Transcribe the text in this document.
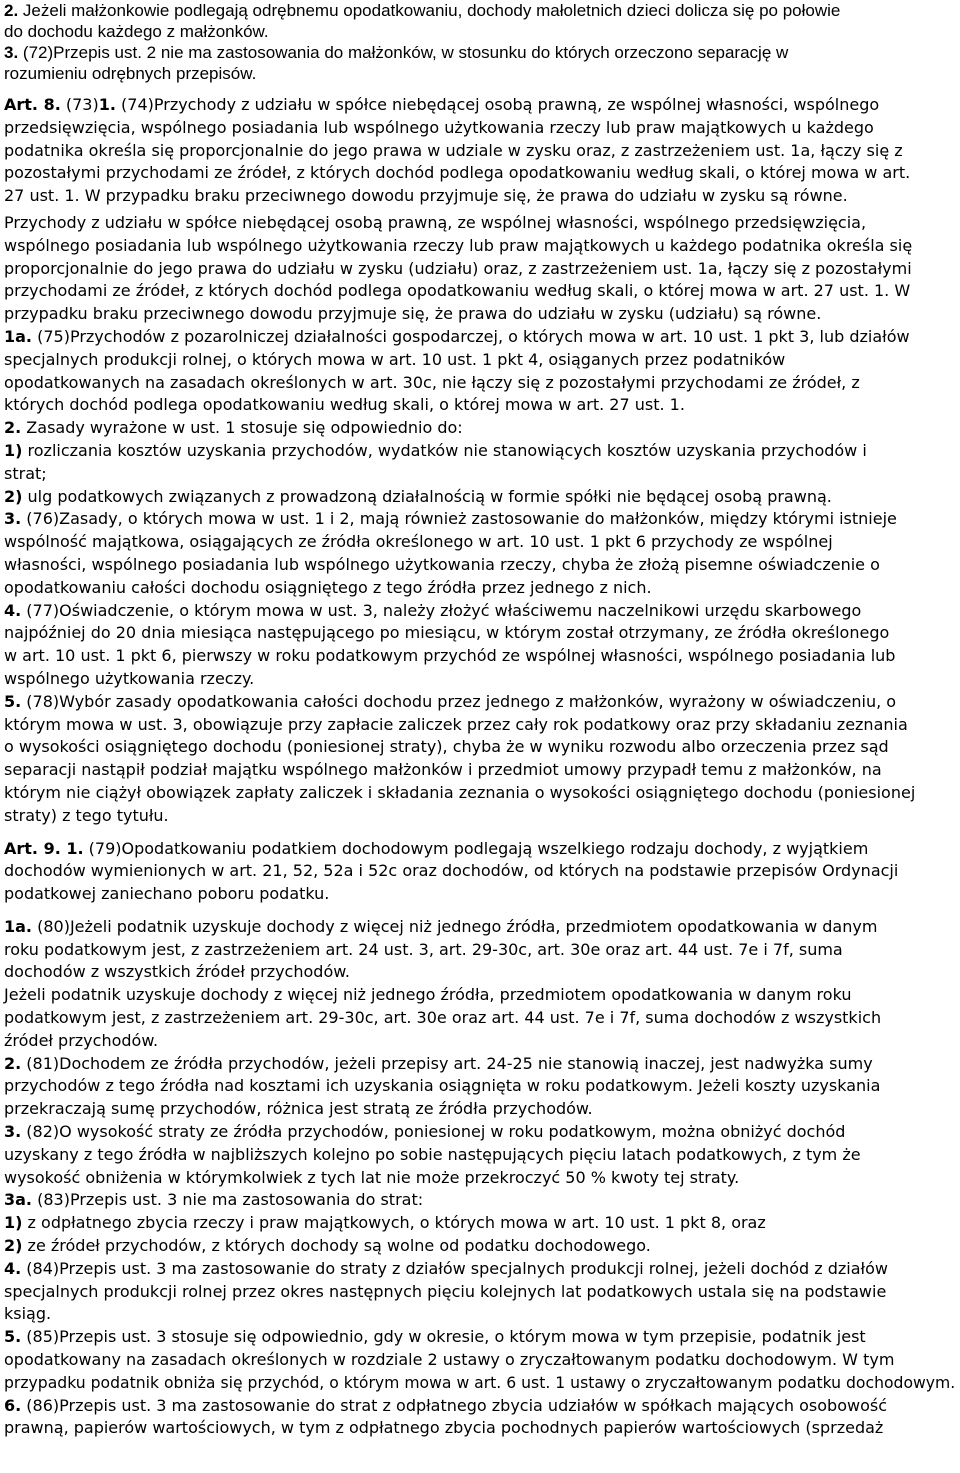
2. Jeżeli małżonkowie podlegają odrębnemu opodatkowaniu, dochody małoletnich dzieci dolicza się po połowie
do dochodu każdego z małżonków.
3. (72)Przepis ust. 2 nie ma zastosowania do małżonków, w stosunku do których orzeczono separację w
rozumieniu odrębnych przepisów.
Art. 8. (73)1. (74)Przychody z udziału w spółce niebędącej osobą prawną, ze wspólnej własności, wspólnego
przedsięwzięcia, wspólnego posiadania lub wspólnego użytkowania rzeczy lub praw majątkowych u każdego
podatnika określa się proporcjonalnie do jego prawa w udziale w zysku oraz, z zastrzeżeniem ust. 1a, łączy się z
pozostałymi przychodami ze źródeł, z których dochód podlega opodatkowaniu według skali, o której mowa w art.
27 ust. 1. W przypadku braku przeciwnego dowodu przyjmuje się, że prawa do udziału w zysku są równe.
Przychody z udziału w spółce niebędącej osobą prawną, ze wspólnej własności, wspólnego przedsięwzięcia,
wspólnego posiadania lub wspólnego użytkowania rzeczy lub praw majątkowych u każdego podatnika określa się
proporcjonalnie do jego prawa do udziału w zysku (udziału) oraz, z zastrzeżeniem ust. 1a, łączy się z pozostałymi
przychodami ze źródeł, z których dochód podlega opodatkowaniu według skali, o której mowa w art. 27 ust. 1. W
przypadku braku przeciwnego dowodu przyjmuje się, że prawa do udziału w zysku (udziału) są równe.
1a. (75)Przychodów z pozarolniczej działalności gospodarczej, o których mowa w art. 10 ust. 1 pkt 3, lub działów
specjalnych produkcji rolnej, o których mowa w art. 10 ust. 1 pkt 4, osiąganych przez podatników
opodatkowanych na zasadach określonych w art. 30c, nie łączy się z pozostałymi przychodami ze źródeł, z
których dochód podlega opodatkowaniu według skali, o której mowa w art. 27 ust. 1.
2. Zasady wyrażone w ust. 1 stosuje się odpowiednio do:
1) rozliczania kosztów uzyskania przychodów, wydatków nie stanowiących kosztów uzyskania przychodów i
strat;
2) ulg podatkowych związanych z prowadzoną działalnością w formie spółki nie będącej osobą prawną.
3. (76)Zasady, o których mowa w ust. 1 i 2, mają również zastosowanie do małżonków, między którymi istnieje
wspólność majątkowa, osiągających ze źródła określonego w art. 10 ust. 1 pkt 6 przychody ze wspólnej
własności, wspólnego posiadania lub wspólnego użytkowania rzeczy, chyba że złożą pisemne oświadczenie o
opodatkowaniu całości dochodu osiągniętego z tego źródła przez jednego z nich.
4. (77)Oświadczenie, o którym mowa w ust. 3, należy złożyć właściwemu naczelnikowi urzędu skarbowego
najpóźniej do 20 dnia miesiąca następującego po miesiącu, w którym został otrzymany, ze źródła określonego
w art. 10 ust. 1 pkt 6, pierwszy w roku podatkowym przychód ze wspólnej własności, wspólnego posiadania lub
wspólnego użytkowania rzeczy.
5. (78)Wybór zasady opodatkowania całości dochodu przez jednego z małżonków, wyrażony w oświadczeniu, o
którym mowa w ust. 3, obowiązuje przy zapłacie zaliczek przez cały rok podatkowy oraz przy składaniu zeznania
o wysokości osiągniętego dochodu (poniesionej straty), chyba że w wyniku rozwodu albo orzeczenia przez sąd
separacji nastąpił podział majątku wspólnego małżonków i przedmiot umowy przypadł temu z małżonków, na
którym nie ciążył obowiązek zapłaty zaliczek i składania zeznania o wysokości osiągniętego dochodu (poniesionej
straty) z tego tytułu.
Art. 9. 1. (79)Opodatkowaniu podatkiem dochodowym podlegają wszelkiego rodzaju dochody, z wyjątkiem
dochodów wymienionych w art. 21, 52, 52a i 52c oraz dochodów, od których na podstawie przepisów Ordynacji
podatkowej zaniechano poboru podatku.
1a. (80)Jeżeli podatnik uzyskuje dochody z więcej niż jednego źródła, przedmiotem opodatkowania w danym
roku podatkowym jest, z zastrzeżeniem art. 24 ust. 3, art. 29-30c, art. 30e oraz art. 44 ust. 7e i 7f, suma
dochodów z wszystkich źródeł przychodów.
Jeżeli podatnik uzyskuje dochody z więcej niż jednego źródła, przedmiotem opodatkowania w danym roku
podatkowym jest, z zastrzeżeniem art. 29-30c, art. 30e oraz art. 44 ust. 7e i 7f, suma dochodów z wszystkich
źródeł przychodów.
2. (81)Dochodem ze źródła przychodów, jeżeli przepisy art. 24-25 nie stanowią inaczej, jest nadwyżka sumy
przychodów z tego źródła nad kosztami ich uzyskania osiągnięta w roku podatkowym. Jeżeli koszty uzyskania
przekraczają sumę przychodów, różnica jest stratą ze źródła przychodów.
3. (82)O wysokość straty ze źródła przychodów, poniesionej w roku podatkowym, można obniżyć dochód
uzyskany z tego źródła w najbliższych kolejno po sobie następujących pięciu latach podatkowych, z tym że
wysokość obniżenia w którymkolwiek z tych lat nie może przekroczyć 50 % kwoty tej straty.
3a. (83)Przepis ust. 3 nie ma zastosowania do strat:
1) z odpłatnego zbycia rzeczy i praw majątkowych, o których mowa w art. 10 ust. 1 pkt 8, oraz
2) ze źródeł przychodów, z których dochody są wolne od podatku dochodowego.
4. (84)Przepis ust. 3 ma zastosowanie do straty z działów specjalnych produkcji rolnej, jeżeli dochód z działów
specjalnych produkcji rolnej przez okres następnych pięciu kolejnych lat podatkowych ustala się na podstawie
ksiąg.
5. (85)Przepis ust. 3 stosuje się odpowiednio, gdy w okresie, o którym mowa w tym przepisie, podatnik jest
opodatkowany na zasadach określonych w rozdziale 2 ustawy o zryczałtowanym podatku dochodowym. W tym
przypadku podatnik obniża się przychód, o którym mowa w art. 6 ust. 1 ustawy o zryczałtowanym podatku dochodowym.
6. (86)Przepis ust. 3 ma zastosowanie do strat z odpłatnego zbycia udziałów w spółkach mających osobowość
prawną, papierów wartościowych, w tym z odpłatnego zbycia pochodnych papierów wartościowych (sprzedaż
